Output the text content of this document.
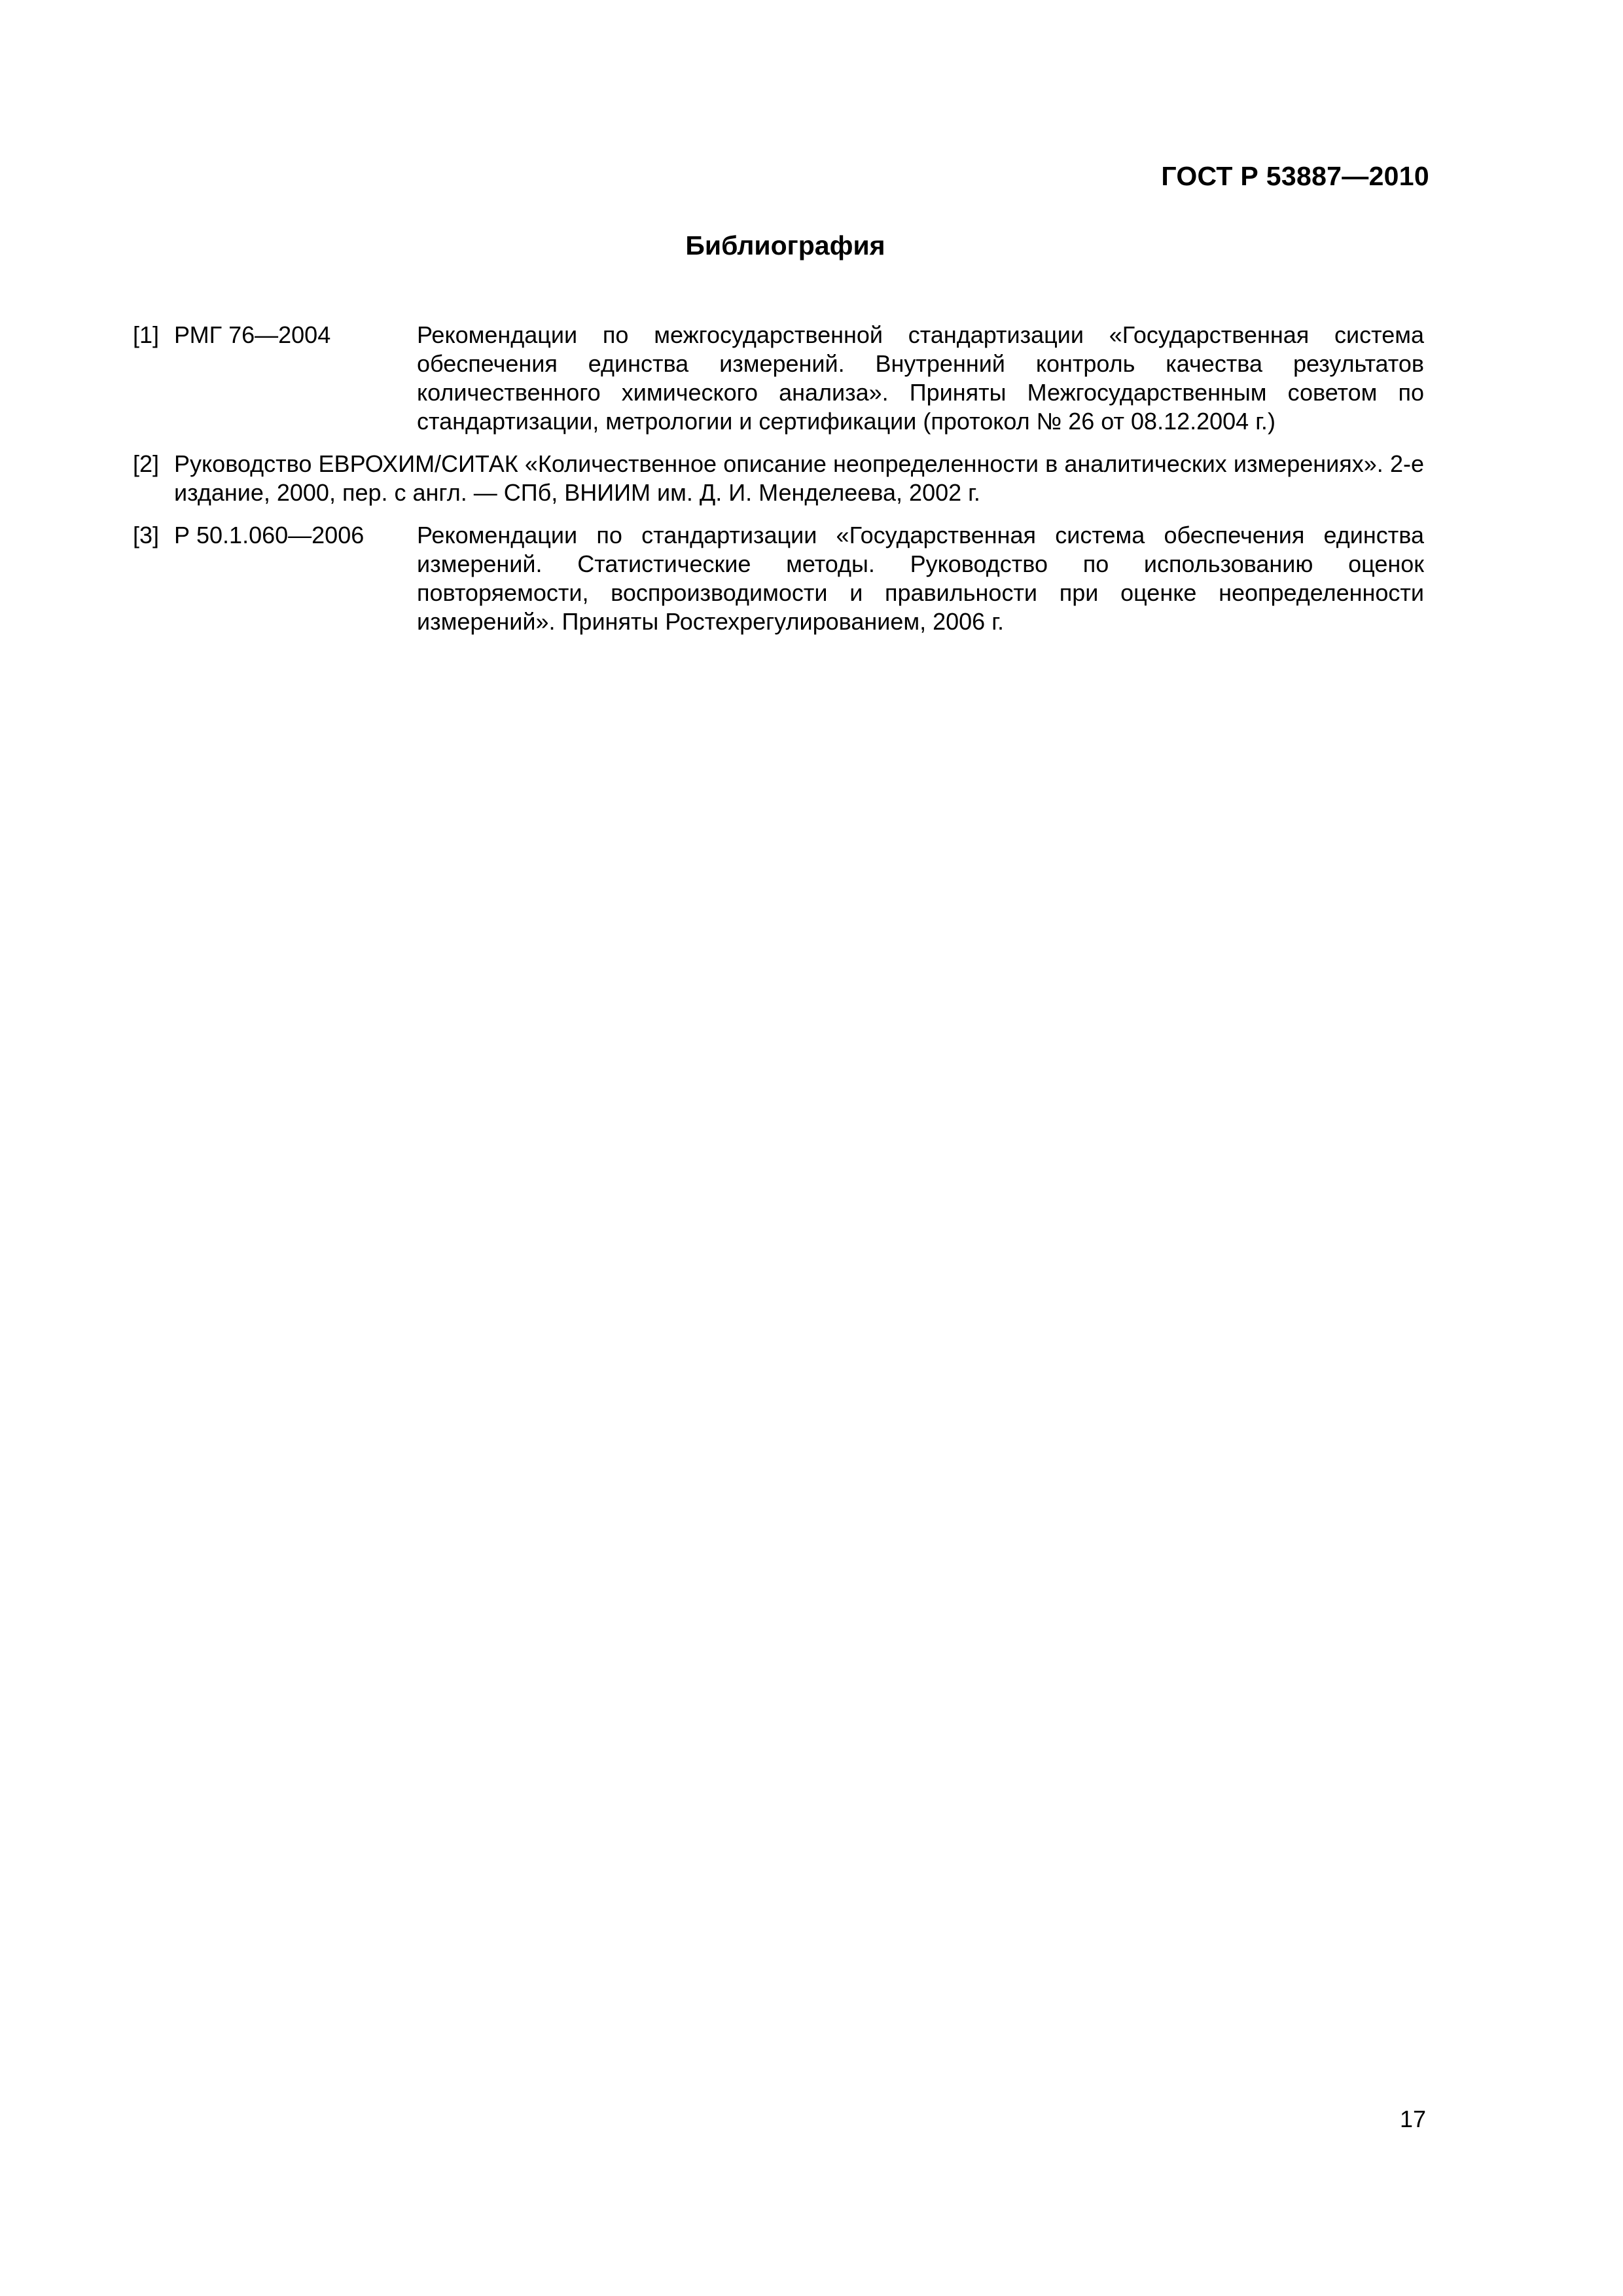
ГОСТ Р 53887—2010
Библиография
[1] РМГ 76—2004	Рекомендации по межгосударственной стандартизации «Государственная система обеспечения единства измерений. Внутренний контроль качества результатов количественного химического анализа». Приняты Межгосударственным советом по стандартизации, метрологии и сертификации (протокол № 26 от 08.12.2004 г.)
[2] Руководство ЕВРОХИМ/СИТАК «Количественное описание неопределенности в аналитических измерениях». 2-е издание, 2000, пер. с англ. — СПб, ВНИИМ им. Д. И. Менделеева, 2002 г.
[3] Р 50.1.060—2006 Рекомендации по стандартизации «Государственная система обеспечения единства измерений. Статистические методы. Руководство по использованию оценок повторяемости, воспроизводимости и правильности при оценке неопределенности измерений». Приняты Ростехрегулированием, 2006 г.
17
